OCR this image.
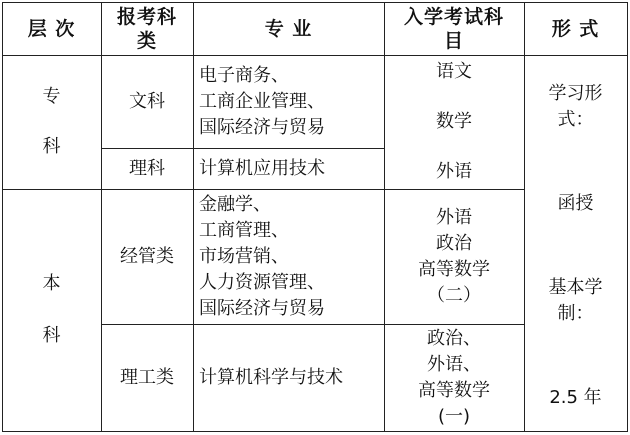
层 次
报考科
类
专 业
入学考试科
目
形 式
专
科
本
科
文科
理科
经管类
理工类
电子商务、
工商企业管理、
国际经济与贸易
计算机应用技术
金融学、
工商管理、
市场营销、
人力资源管理、
国际经济与贸易
计算机科学与技术
语文
数学
外语
外语
政治
高等数学
（二）
政治、
外语、
高等数学
(一)
学习形
式：
函授
基本学
制：
2.5 年
